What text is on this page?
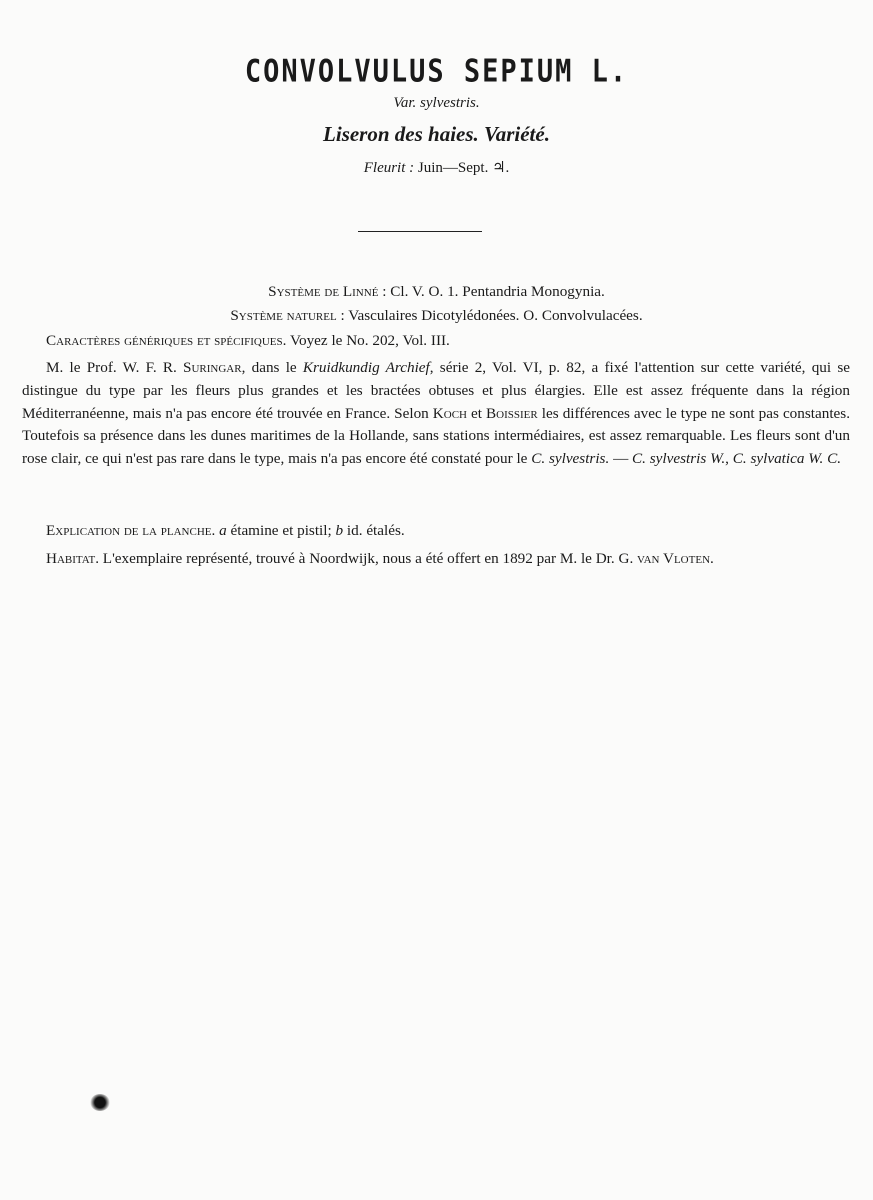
CONVOLVULUS SEPIUM L.
Var. sylvestris.
Liseron des haies. Variété.
Fleurit : Juin—Sept. ♃.
Système de Linné : Cl. V. O. 1. Pentandria Monogynia.
Système naturel : Vasculaires Dicotylédonées. O. Convolvulacées.
Caractères génériques et spécifiques. Voyez le No. 202, Vol. III.

M. le Prof. W. F. R. Suringar, dans le Kruidkundig Archief, série 2, Vol. VI, p. 82, a fixé l'attention sur cette variété, qui se distingue du type par les fleurs plus grandes et les bractées obtuses et plus élargies. Elle est assez fréquente dans la région Méditerranéenne, mais n'a pas encore été trouvée en France. Selon Koch et Boissier les différences avec le type ne sont pas constantes. Toutefois sa présence dans les dunes maritimes de la Hollande, sans stations intermédiaires, est assez remarquable. Les fleurs sont d'un rose clair, ce qui n'est pas rare dans le type, mais n'a pas encore été constaté pour le C. sylvestris. — C. sylvestris W., C. sylvatica W. C.

Explication de la planche. a étamine et pistil; b id. étalés.

Habitat. L'exemplaire représenté, trouvé à Noordwijk, nous a été offert en 1892 par M. le Dr. G. van Vloten.
